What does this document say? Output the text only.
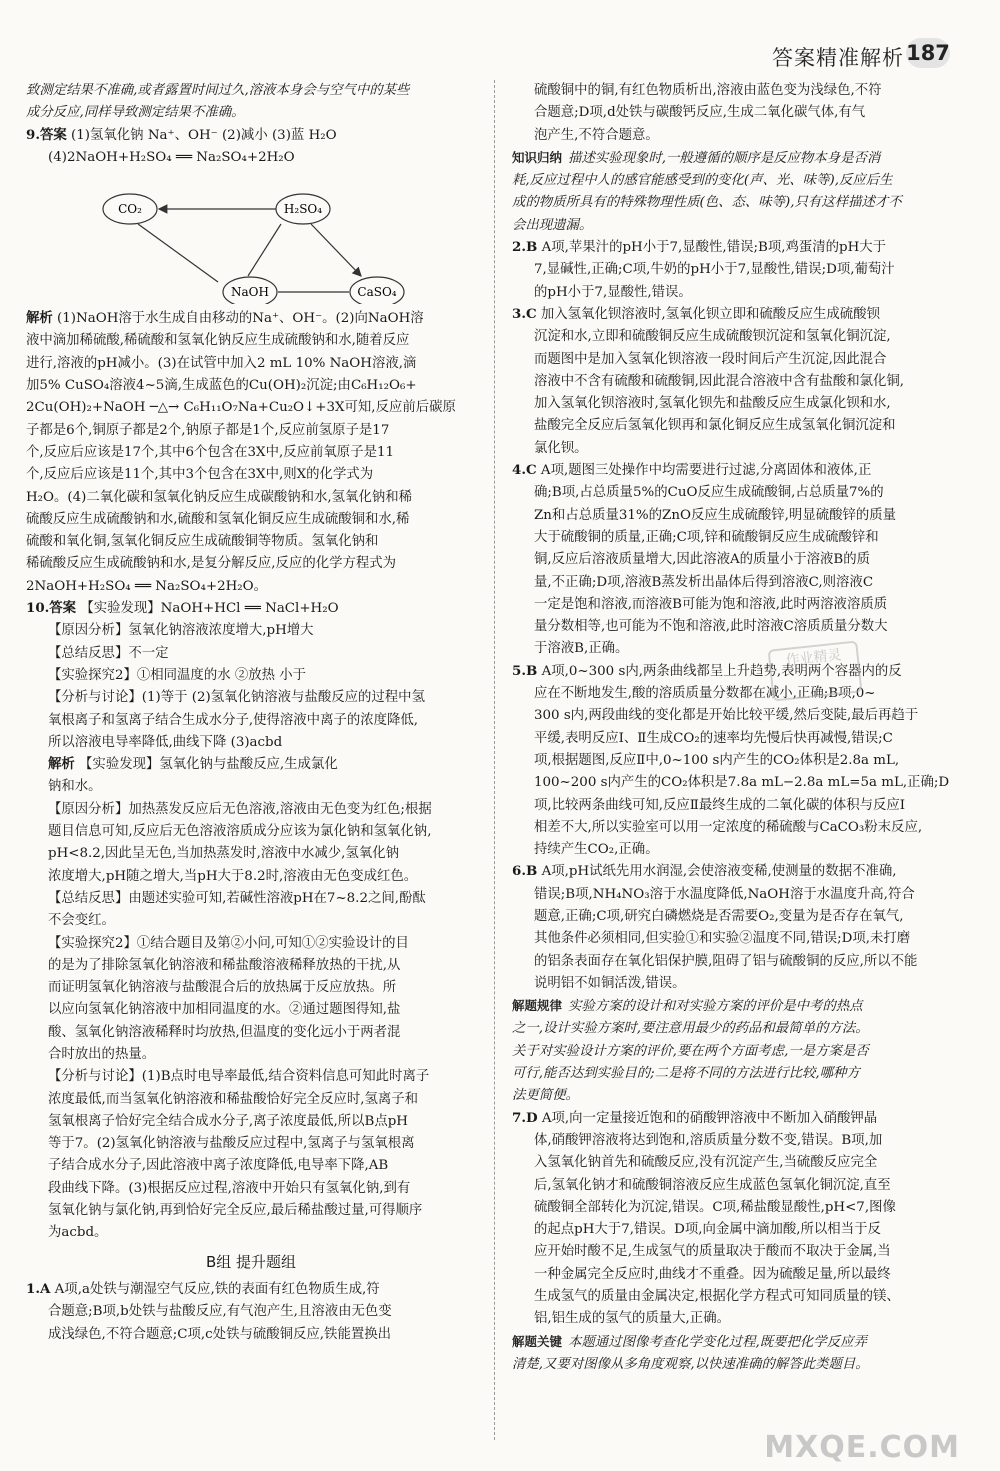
答案精准解析 187

致测定结果不准确,或者露置时间过久,溶液本身会与空气中的某些

成分反应,同样导致测定结果不准确。

9.答案 (1)氢氧化钠 Na⁺、OH⁻ (2)减小 (3)蓝 H₂O

(4)2NaOH+H₂SO₄ ══ Na₂SO₄+2H₂O

CO₂	H₂SO₄
NaOH	CaSO₄

解析 (1)NaOH溶于水生成自由移动的Na⁺、OH⁻。(2)向NaOH溶

液中滴加稀硫酸,稀硫酸和氢氧化钠反应生成硫酸钠和水,随着反应

进行,溶液的pH减小。(3)在试管中加入2 mL 10% NaOH溶液,滴

加5% CuSO₄溶液4~5滴,生成蓝色的Cu(OH)₂沉淀;由C₆H₁₂O₆+

2Cu(OH)₂+NaOH ─△→ C₆H₁₁O₇Na+Cu₂O↓+3X可知,反应前后碳原

子都是6个,铜原子都是2个,钠原子都是1个,反应前氢原子是17

个,反应后应该是17个,其中6个包含在3X中,反应前氧原子是11

个,反应后应该是11个,其中3个包含在3X中,则X的化学式为

H₂O。(4)二氧化碳和氢氧化钠反应生成碳酸钠和水,氢氧化钠和稀

硫酸反应生成硫酸钠和水,硫酸和氢氧化铜反应生成硫酸铜和水,稀

硫酸和氧化铜,氢氧化铜反应生成硫酸铜等物质。氢氧化钠和

稀硫酸反应生成硫酸钠和水,是复分解反应,反应的化学方程式为

2NaOH+H₂SO₄ ══ Na₂SO₄+2H₂O。

10.答案 【实验发现】NaOH+HCl ══ NaCl+H₂O

【原因分析】氢氧化钠溶液浓度增大,pH增大

【总结反思】不一定

【实验探究2】①相同温度的水 ②放热 小于

【分析与讨论】(1)等于 (2)氢氧化钠溶液与盐酸反应的过程中氢

氧根离子和氢离子结合生成水分子,使得溶液中离子的浓度降低,

所以溶液电导率降低,曲线下降 (3)acbd

解析 【实验发现】氢氧化钠与盐酸反应,生成氯化

钠和水。

【原因分析】加热蒸发反应后无色溶液,溶液由无色变为红色;根据

题目信息可知,反应后无色溶液溶质成分应该为氯化钠和氢氧化钠,

pH<8.2,因此呈无色,当加热蒸发时,溶液中水减少,氢氧化钠

浓度增大,pH随之增大,当pH大于8.2时,溶液由无色变成红色。

【总结反思】由题述实验可知,若碱性溶液pH在7~8.2之间,酚酞

不会变红。

【实验探究2】①结合题目及第②小问,可知①②实验设计的目

的是为了排除氢氧化钠溶液和稀盐酸溶液稀释放热的干扰,从

而证明氢氧化钠溶液与盐酸混合后的放热属于反应放热。所

以应向氢氧化钠溶液中加相同温度的水。②通过题图得知,盐

酸、氢氧化钠溶液稀释时均放热,但温度的变化远小于两者混

合时放出的热量。

【分析与讨论】(1)B点时电导率最低,结合资料信息可知此时离子

浓度最低,而当氢氧化钠溶液和稀盐酸恰好完全反应时,氢离子和

氢氧根离子恰好完全结合成水分子,离子浓度最低,所以B点pH

等于7。(2)氢氧化钠溶液与盐酸反应过程中,氢离子与氢氧根离

子结合成水分子,因此溶液中离子浓度降低,电导率下降,AB

段曲线下降。(3)根据反应过程,溶液中开始只有氢氧化钠,到有

氢氧化钠与氯化钠,再到恰好完全反应,最后稀盐酸过量,可得顺序

为acbd。

B组 提升题组

1.A A项,a处铁与潮湿空气反应,铁的表面有红色物质生成,符

合题意;B项,b处铁与盐酸反应,有气泡产生,且溶液由无色变

成浅绿色,不符合题意;C项,c处铁与硫酸铜反应,铁能置换出

硫酸铜中的铜,有红色物质析出,溶液由蓝色变为浅绿色,不符

合题意;D项,d处铁与碳酸钙反应,生成二氧化碳气体,有气

泡产生,不符合题意。

知识归纳 描述实验现象时,一般遵循的顺序是反应物本身是否消

耗,反应过程中人的感官能感受到的变化(声、光、味等),反应后生

成的物质所具有的特殊物理性质(色、态、味等),只有这样描述才不

会出现遗漏。

2.B A项,苹果汁的pH小于7,显酸性,错误;B项,鸡蛋清的pH大于

7,显碱性,正确;C项,牛奶的pH小于7,显酸性,错误;D项,葡萄汁

的pH小于7,显酸性,错误。

3.C 加入氢氧化钡溶液时,氢氧化钡立即和硫酸反应生成硫酸钡

沉淀和水,立即和硫酸铜反应生成硫酸钡沉淀和氢氧化铜沉淀,

而题图中是加入氢氧化钡溶液一段时间后产生沉淀,因此混合

溶液中不含有硫酸和硫酸铜,因此混合溶液中含有盐酸和氯化铜,

加入氢氧化钡溶液时,氢氧化钡先和盐酸反应生成氯化钡和水,

盐酸完全反应后氢氧化钡再和氯化铜反应生成氢氧化铜沉淀和

氯化钡。

4.C A项,题图三处操作中均需要进行过滤,分离固体和液体,正

确;B项,占总质量5%的CuO反应生成硫酸铜,占总质量7%的

Zn和占总质量31%的ZnO反应生成硫酸锌,明显硫酸锌的质量

大于硫酸铜的质量,正确;C项,锌和硫酸铜反应生成硫酸锌和

铜,反应后溶液质量增大,因此溶液A的质量小于溶液B的质

量,不正确;D项,溶液B蒸发析出晶体后得到溶液C,则溶液C

一定是饱和溶液,而溶液B可能为饱和溶液,此时两溶液溶质质

量分数相等,也可能为不饱和溶液,此时溶液C溶质质量分数大

于溶液B,正确。

5.B A项,0~300 s内,两条曲线都呈上升趋势,表明两个容器内的反

应在不断地发生,酸的溶质质量分数都在减小,正确;B项,0~

300 s内,两段曲线的变化都是开始比较平缓,然后变陡,最后再趋于

平缓,表明反应Ⅰ、Ⅱ生成CO₂的速率均先慢后快再减慢,错误;C

项,根据题图,反应Ⅱ中,0~100 s内产生的CO₂体积是2.8a mL,

100~200 s内产生的CO₂体积是7.8a mL−2.8a mL=5a mL,正确;D

项,比较两条曲线可知,反应Ⅱ最终生成的二氧化碳的体积与反应Ⅰ

相差不大,所以实验室可以用一定浓度的稀硫酸与CaCO₃粉末反应,

持续产生CO₂,正确。

6.B A项,pH试纸先用水润湿,会使溶液变稀,使测量的数据不准确,

错误;B项,NH₄NO₃溶于水温度降低,NaOH溶于水温度升高,符合

题意,正确;C项,研究白磷燃烧是否需要O₂,变量为是否存在氧气,

其他条件必须相同,但实验①和实验②温度不同,错误;D项,未打磨

的铝条表面存在氧化铝保护膜,阻碍了铝与硫酸铜的反应,所以不能

说明铝不如铜活泼,错误。

解题规律 实验方案的设计和对实验方案的评价是中考的热点

之一,设计实验方案时,要注意用最少的药品和最简单的方法。

关于对实验设计方案的评价,要在两个方面考虑,一是方案是否

可行,能否达到实验目的;二是将不同的方法进行比较,哪种方

法更简便。

7.D A项,向一定量接近饱和的硝酸钾溶液中不断加入硝酸钾晶

体,硝酸钾溶液将达到饱和,溶质质量分数不变,错误。B项,加

入氢氧化钠首先和硫酸反应,没有沉淀产生,当硫酸反应完全

后,氢氧化钠才和硫酸铜溶液反应生成蓝色氢氧化铜沉淀,直至

硫酸铜全部转化为沉淀,错误。C项,稀盐酸显酸性,pH<7,图像

的起点pH大于7,错误。D项,向金属中滴加酸,所以相当于反

应开始时酸不足,生成氢气的质量取决于酸而不取决于金属,当

一种金属完全反应时,曲线才不重叠。因为硫酸足量,所以最终

生成氢气的质量由金属决定,根据化学方程式可知同质量的镁、

铝,铝生成的氢气的质量大,正确。

解题关键 本题通过图像考查化学变化过程,既要把化学反应弄

清楚,又要对图像从多角度观察,以快速准确的解答此类题目。

作业精灵
MXQE.COM
